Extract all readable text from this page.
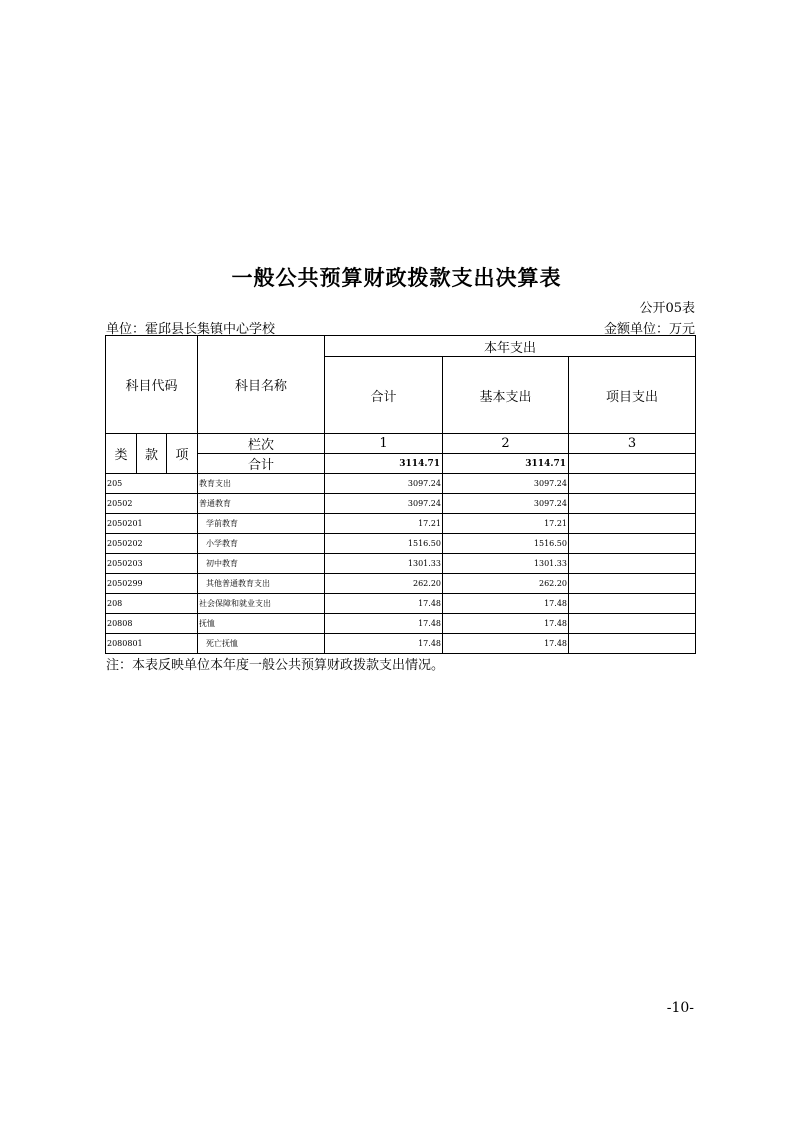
一般公共预算财政拨款支出决算表
公开05表
单位：霍邱县长集镇中心学校	金额单位：万元
科目代码			科目名称	本年支出		
				合计	基本支出	项目支出
类	款	项	栏次	1	2	3
			合计	3114.71	3114.71	
205			教育支出	3097.24	3097.24	
20502			普通教育	3097.24	3097.24	
2050201			学前教育	17.21	17.21	
2050202			小学教育	1516.50	1516.50	
2050203			初中教育	1301.33	1301.33	
2050299			其他普通教育支出	262.20	262.20	
208			社会保障和就业支出	17.48	17.48	
20808			抚恤	17.48	17.48	
2080801			死亡抚恤	17.48	17.48	
注：本表反映单位本年度一般公共预算财政拨款支出情况。
-10-
